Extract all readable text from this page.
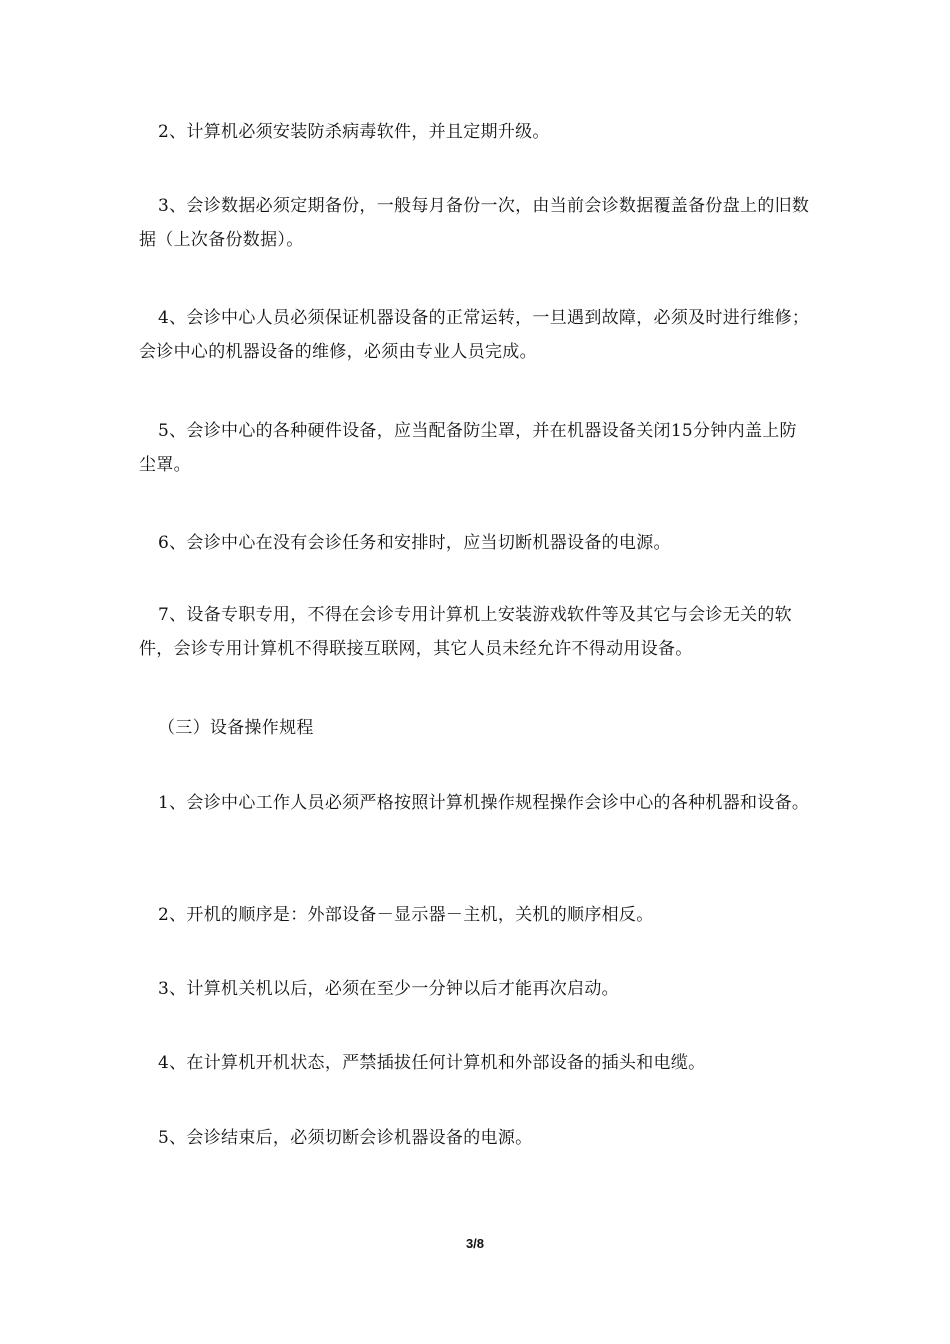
2、计算机必须安装防杀病毒软件，并且定期升级。

3、会诊数据必须定期备份，一般每月备份一次，由当前会诊数据覆盖备份盘上的旧数据（上次备份数据）。

4、会诊中心人员必须保证机器设备的正常运转，一旦遇到故障，必须及时进行维修；会诊中心的机器设备的维修，必须由专业人员完成。

5、会诊中心的各种硬件设备，应当配备防尘罩，并在机器设备关闭15分钟内盖上防尘罩。

6、会诊中心在没有会诊任务和安排时，应当切断机器设备的电源。

7、设备专职专用，不得在会诊专用计算机上安装游戏软件等及其它与会诊无关的软件，会诊专用计算机不得联接互联网，其它人员未经允许不得动用设备。

（三）设备操作规程

1、会诊中心工作人员必须严格按照计算机操作规程操作会诊中心的各种机器和设备。

2、开机的顺序是：外部设备－显示器－主机，关机的顺序相反。

3、计算机关机以后，必须在至少一分钟以后才能再次启动。

4、在计算机开机状态，严禁插拔任何计算机和外部设备的插头和电缆。

5、会诊结束后，必须切断会诊机器设备的电源。

3/8
